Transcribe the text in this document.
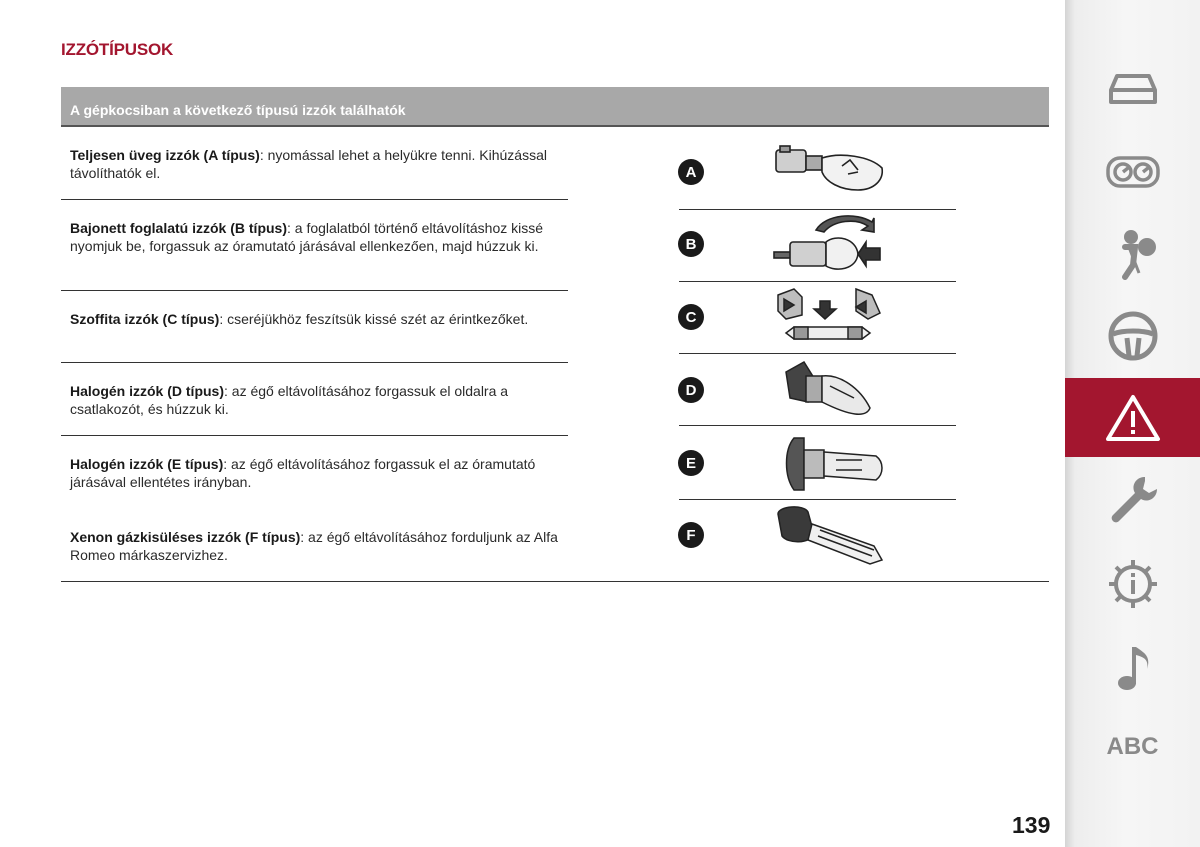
IZZÓTÍPUSOK
A gépkocsiban a következő típusú izzók találhatók
Teljesen üveg izzók (A típus): nyomással lehet a helyükre tenni. Kihúzással távolíthatók el.
Bajonett foglalatú izzók (B típus): a foglalatból történő eltávolításhoz kissé nyomjuk be, forgassuk az óramutató járásával ellenkezően, majd húzzuk ki.
Szoffita izzók (C típus): cseréjükhöz feszítsük kissé szét az érintkezőket.
Halogén izzók (D típus): az égő eltávolításához forgassuk el oldalra a csatlakozót, és húzzuk ki.
Halogén izzók (E típus): az égő eltávolításához forgassuk el az óramutató járásával ellentétes irányban.
Xenon gázkisüléses izzók (F típus): az égő eltávolításához forduljunk az Alfa Romeo márkaszervizhez.
A
B
C
D
E
F
ABC
139
